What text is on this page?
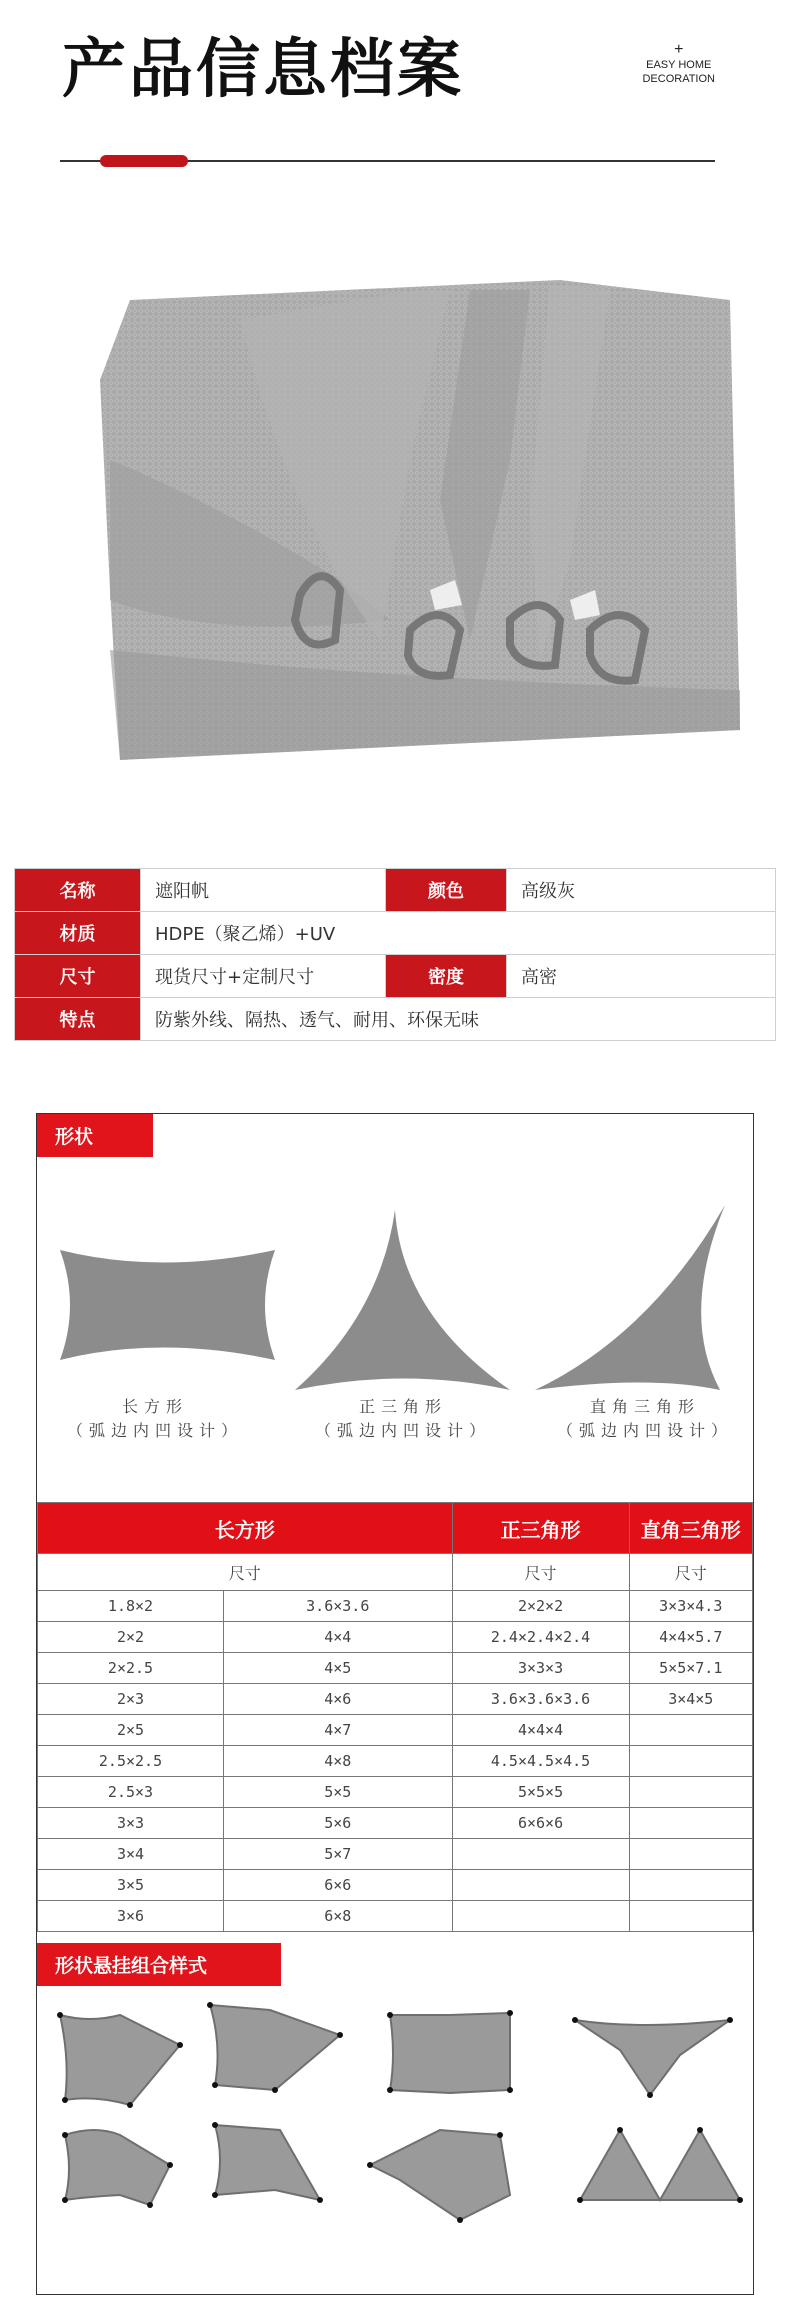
产品信息档案	+
EASY HOME
DECORATION
名称	遮阳帆	颜色	高级灰
材质	HDPE（聚乙烯）+UV		
尺寸	现货尺寸+定制尺寸	密度	高密
特点	防紫外线、隔热、透气、耐用、环保无味		
形状
长方形
（弧边内凹设计）
正三角形
（弧边内凹设计）
直角三角形
（弧边内凹设计）
长方形		正三角形	直角三角形
尺寸		尺寸	尺寸
1.8×2	3.6×3.6	2×2×2	3×3×4.3
2×2	4×4	2.4×2.4×2.4	4×4×5.7
2×2.5	4×5	3×3×3	5×5×7.1
2×3	4×6	3.6×3.6×3.6	3×4×5
2×5	4×7	4×4×4	
2.5×2.5	4×8	4.5×4.5×4.5	
2.5×3	5×5	5×5×5	
3×3	5×6	6×6×6	
3×4	5×7		
3×5	6×6		
3×6	6×8		
形状悬挂组合样式
